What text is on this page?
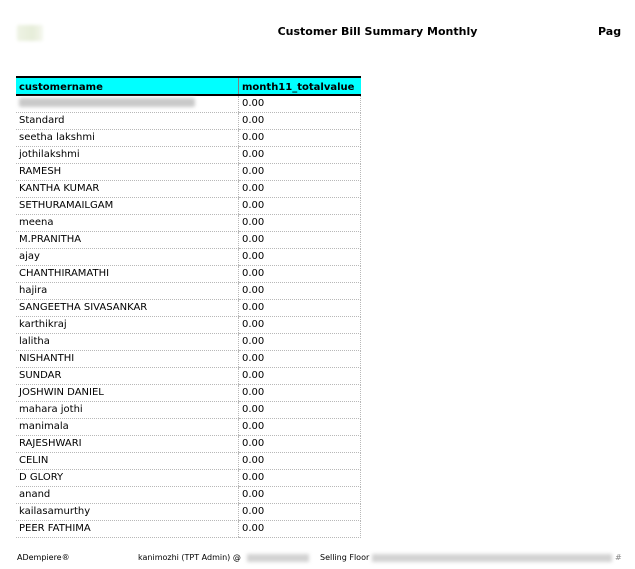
Customer Bill Summary Monthly	Pag
customername	month11_totalvalue
	0.00
Standard	0.00
seetha lakshmi	0.00
jothilakshmi	0.00
RAMESH	0.00
KANTHA KUMAR	0.00
SETHURAMAILGAM	0.00
meena	0.00
M.PRANITHA	0.00
ajay	0.00
CHANTHIRAMATHI	0.00
hajira	0.00
SANGEETHA SIVASANKAR	0.00
karthikraj	0.00
lalitha	0.00
NISHANTHI	0.00
SUNDAR	0.00
JOSHWIN DANIEL	0.00
mahara jothi	0.00
manimala	0.00
RAJESHWARI	0.00
CELIN	0.00
D GLORY	0.00
anand	0.00
kailasamurthy	0.00
PEER FATHIMA	0.00
ADempiere®	kanimozhi (TPT Admin) @	Selling Floor	#
